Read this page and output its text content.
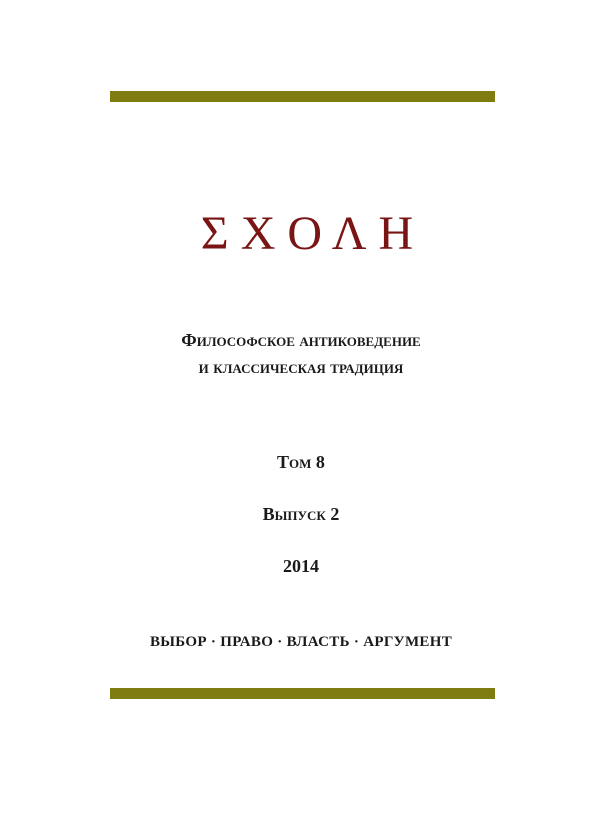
ΣΧΟΛΗ
Философское антиковедение
и классическая традиция
Том 8
Выпуск 2
2014
ВЫБОР · ПРАВО · ВЛАСТЬ · АРГУМЕНТ
